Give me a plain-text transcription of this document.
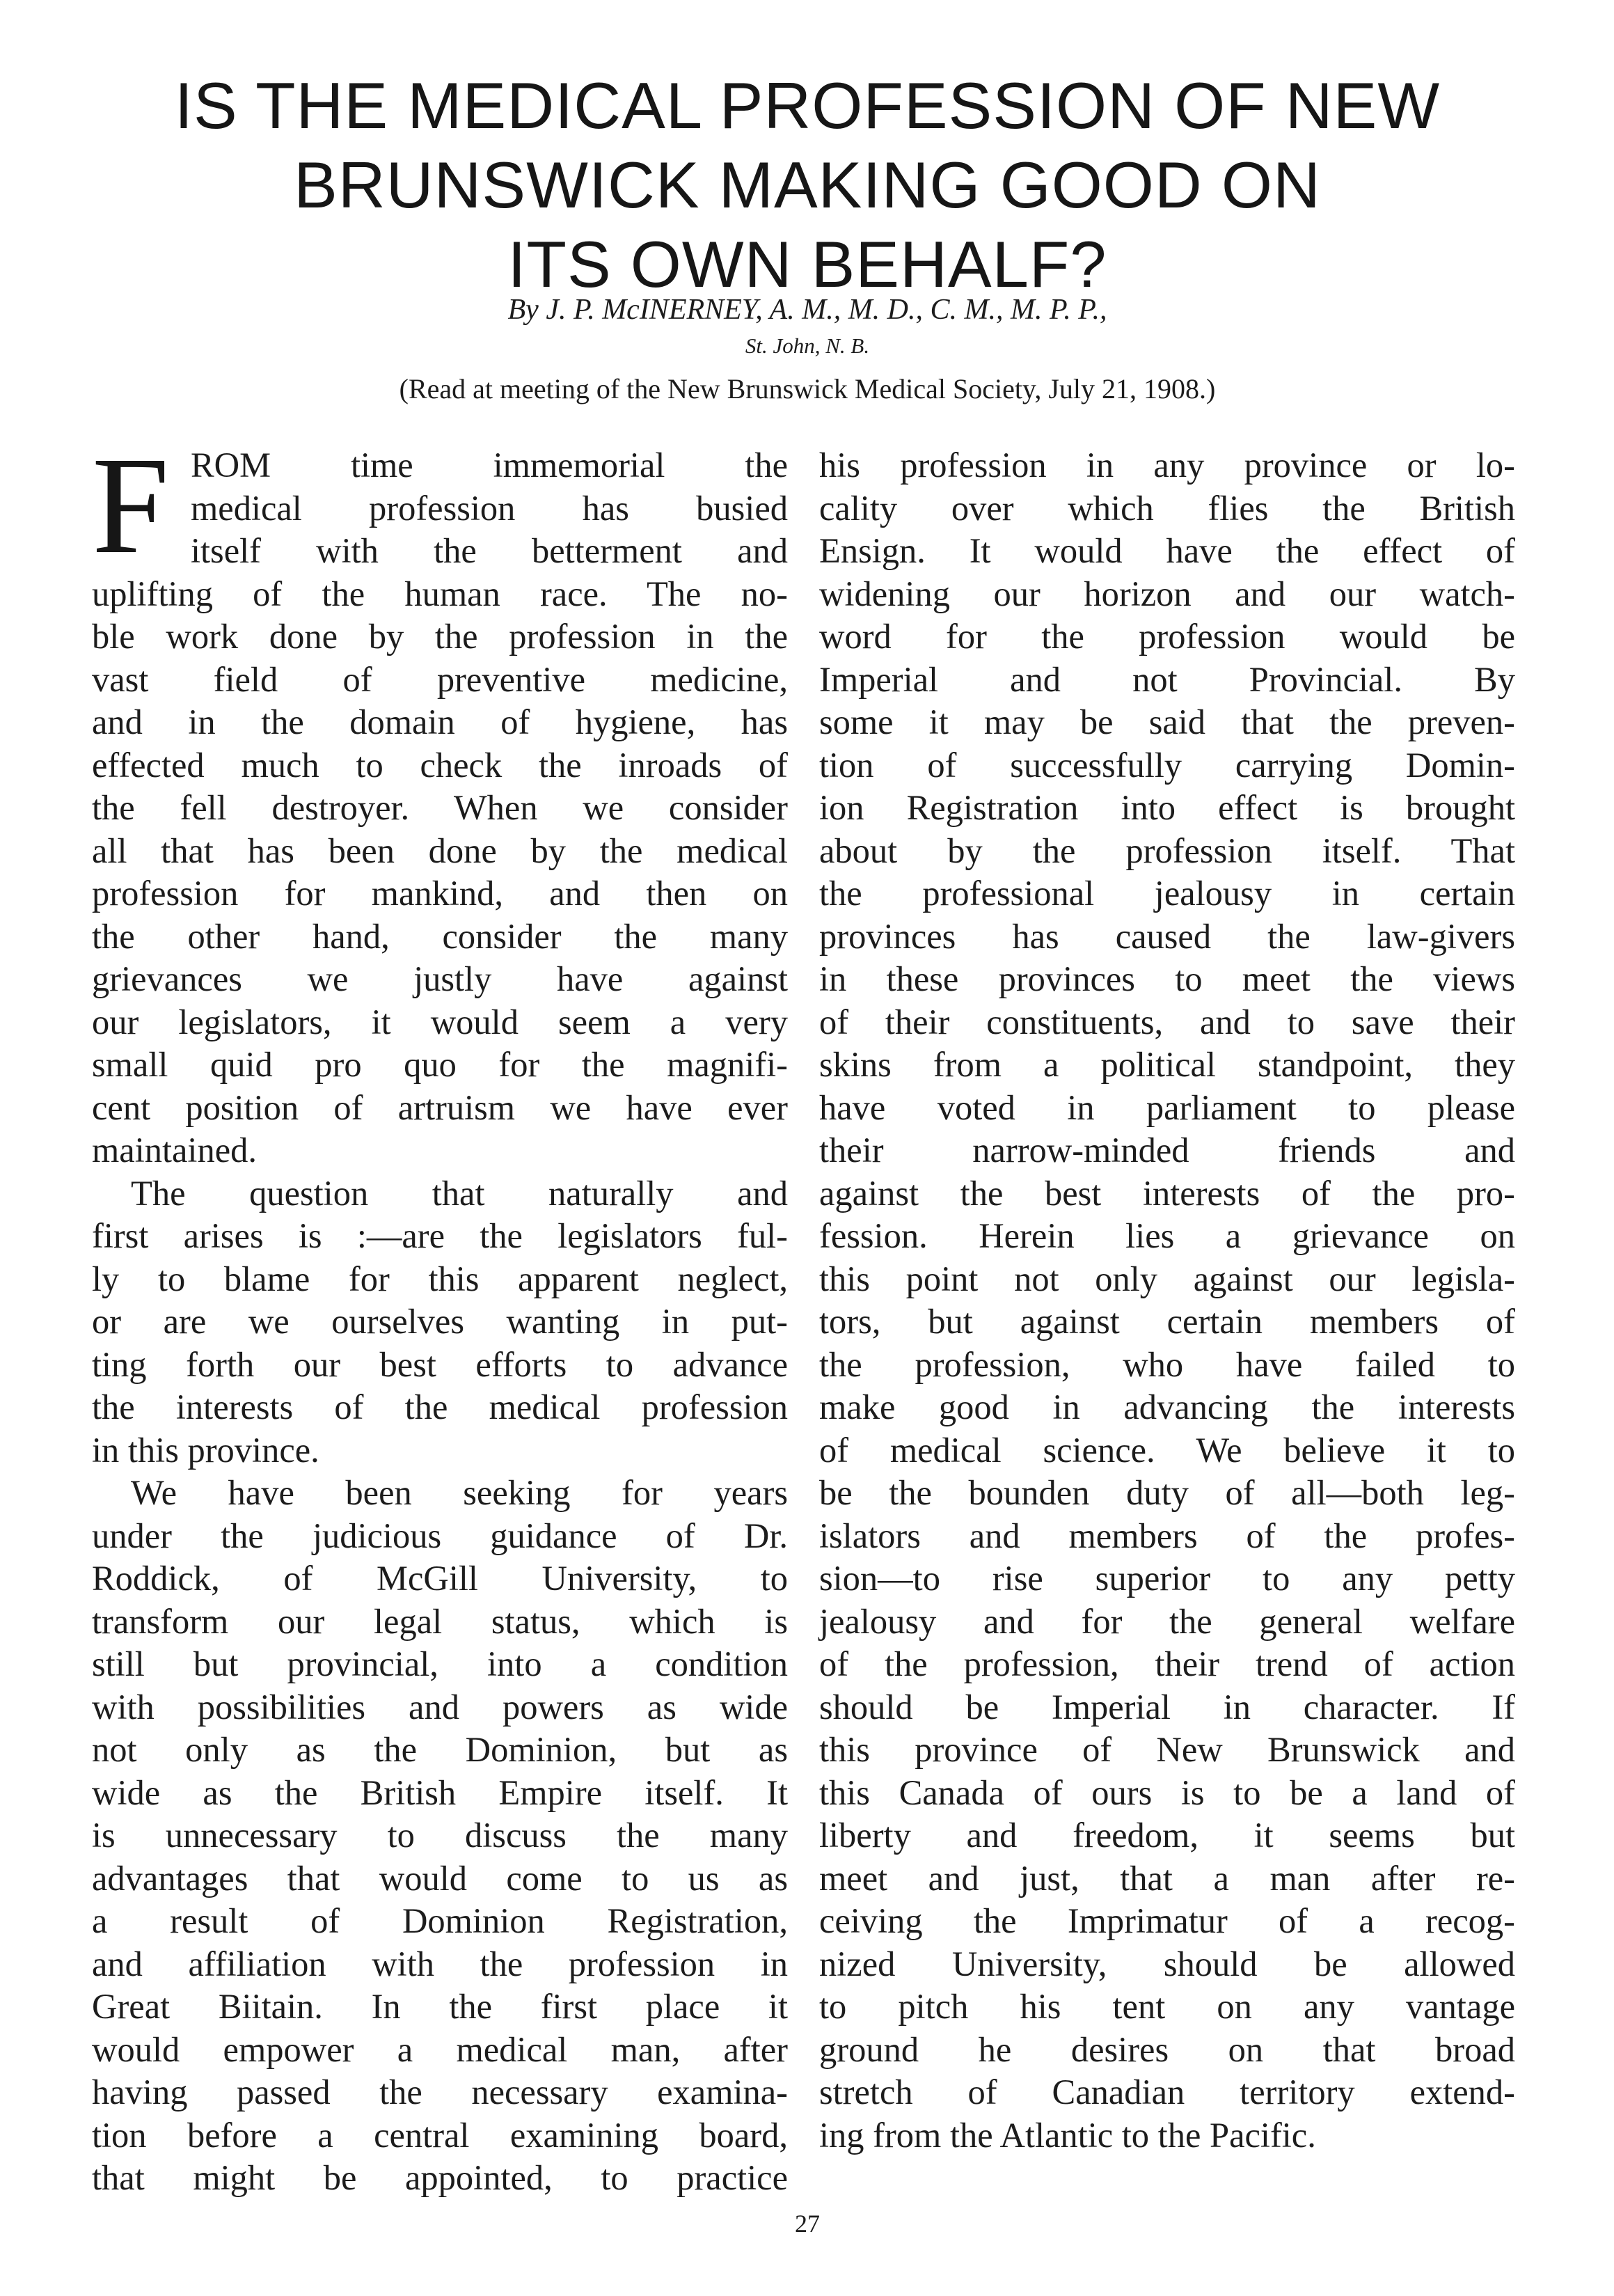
IS THE MEDICAL PROFESSION OF NEW
BRUNSWICK MAKING GOOD ON
ITS OWN BEHALF?
By J. P. McINERNEY, A. M., M. D., C. M., M. P. P.,
St. John, N. B.
(Read at meeting of the New Brunswick Medical Society, July 21, 1908.)
F ROM time immemorial the
medical profession has busied
itself with the betterment and
uplifting of the human race. The no-
ble work done by the profession in the
vast field of preventive medicine,
and in the domain of hygiene, has
effected much to check the inroads of
the fell destroyer. When we consider
all that has been done by the medical
profession for mankind, and then on
the other hand, consider the many
grievances we justly have against
our legislators, it would seem a very
small quid pro quo for the magnifi-
cent position of artruism we have ever
maintained.
The question that naturally and
first arises is :—are the legislators ful-
ly to blame for this apparent neglect,
or are we ourselves wanting in put-
ting forth our best efforts to advance
the interests of the medical profession
in this province.
We have been seeking for years
under the judicious guidance of Dr.
Roddick, of McGill University, to
transform our legal status, which is
still but provincial, into a condition
with possibilities and powers as wide
not only as the Dominion, but as
wide as the British Empire itself. It
is unnecessary to discuss the many
advantages that would come to us as
a result of Dominion Registration,
and affiliation with the profession in
Great Biitain. In the first place it
would empower a medical man, after
having passed the necessary examina-
tion before a central examining board,
that might be appointed, to practice
his profession in any province or lo-
cality over which flies the British
Ensign. It would have the effect of
widening our horizon and our watch-
word for the profession would be
Imperial and not Provincial. By
some it may be said that the preven-
tion of successfully carrying Domin-
ion Registration into effect is brought
about by the profession itself. That
the professional jealousy in certain
provinces has caused the law-givers
in these provinces to meet the views
of their constituents, and to save their
skins from a political standpoint, they
have voted in parliament to please
their narrow-minded friends and
against the best interests of the pro-
fession. Herein lies a grievance on
this point not only against our legisla-
tors, but against certain members of
the profession, who have failed to
make good in advancing the interests
of medical science. We believe it to
be the bounden duty of all—both leg-
islators and members of the profes-
sion—to rise superior to any petty
jealousy and for the general welfare
of the profession, their trend of action
should be Imperial in character. If
this province of New Brunswick and
this Canada of ours is to be a land of
liberty and freedom, it seems but
meet and just, that a man after re-
ceiving the Imprimatur of a recog-
nized University, should be allowed
to pitch his tent on any vantage
ground he desires on that broad
stretch of Canadian territory extend-
ing from the Atlantic to the Pacific.
27
